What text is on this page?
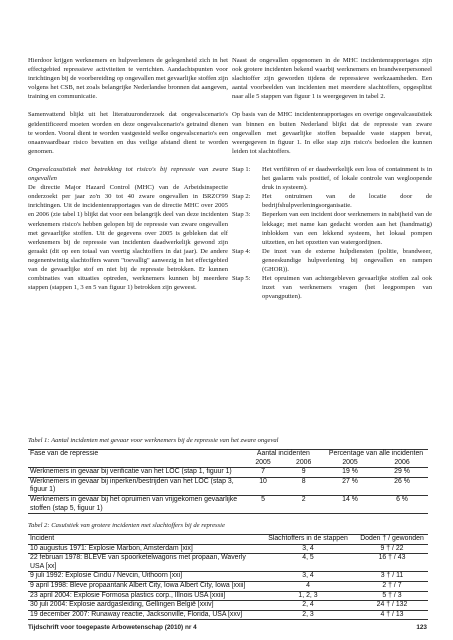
Hierdoor krijgen werknemers en hulpverleners de gelegenheid zich in het effectgebied repressieve activiteiten te verrichten. Aandachtspunten voor inrichtingen bij de voorbereiding op ongevallen met gevaarlijke stoffen zijn volgens het CSB, net zoals belangrijke Nederlandse bronnen dat aangeven, training en communicatie.

Samenvattend blijkt uit het literatuuronderzoek dat ongevalscenario's geïdentificeerd moeten worden en deze ongevalscenario's getraind dienen te worden. Vooral dient te worden vastgesteld welke ongevalscenario's een onaanvaardbaar risico bevatten en dus veilige afstand dient te worden genomen.

Ongevalcasuïstiek met betrekking tot risico's bij repressie van zware ongevallen

De directie Major Hazard Control (MHC) van de Arbeidsinspectie onderzoekt per jaar zo'n 30 tot 40 zware ongevallen in BRZO'99 inrichtingen. Uit de incidentenrapportages van de directie MHC over 2005 en 2006 (zie tabel 1) blijkt dat voor een belangrijk deel van deze incidenten werknemers risico's hebben gelopen bij de repressie van zware ongevallen met gevaarlijke stoffen. Uit de gegevens over 2005 is gebleken dat elf werknemers bij de repressie van incidenten daadwerkelijk gewond zijn geraakt (dit op een totaal van veertig slachtoffers in dat jaar). De andere negenentwintig slachtoffers waren "toevallig" aanwezig in het effectgebied van de gevaarlijke stof en niet bij de repressie betrokken. Er kunnen combinaties van situaties optreden, werknemers kunnen bij meerdere stappen (stappen 1, 3 en 5 van figuur 1) betrokken zijn geweest.

Naast de ongevallen opgenomen in de MHC incidentenrapportages zijn ook grotere incidenten bekend waarbij werknemers en brandweerpersoneel slachtoffer zijn geworden tijdens de repressieve werkzaamheden. Een aantal voorbeelden van incidenten met meerdere slachtoffers, opgesplitst naar alle 5 stappen van figuur 1 is weergegeven in tabel 2.

Op basis van de MHC incidentenrapportages en overige ongevalcasuïstiek van binnen en buiten Nederland blijkt dat de repressie van zware ongevallen met gevaarlijke stoffen bepaalde vaste stappen bevat, weergegeven in figuur 1. In elke stap zijn risico's bedoelen die kunnen leiden tot slachtoffers.

Stap 1:	Het verifiëren of er daadwerkelijk een loss of containment is in het gaslarm vals positief, of lokale controle van wegloopende druk in systeem).
Stap 2:	Het ontruimen van de locatie door de bedrijfshulpverleningsorganisatie.
Stap 3:	Beperken van een incident door werknemers in nabijheid van de lekkage; met name kan gedacht worden aan het (handmatig) inblokken van een lekkend systeem, het lokaal pompen uitzetten, en het opzetten van watergordijnen.
Stap 4:	De inzet van de externe hulpdiensten (politie, brandweer, geneeskundige hulpverlening bij ongevallen en rampen (GHOR)).
Stap 5:	Het opruimen van achtergebleven gevaarlijke stoffen zal ook inzet van werknemers vragen (het leegpompen van opvangputten).
Tabel 1: Aantal incidenten met gevaar voor werknemers bij de repressie van het zware ongeval
Fase van de repressie	Aantal incidenten		Percentage van alle incidenten	

	2005	2006	2005	2006
Werknemers in gevaar bij verificatie van het LOC (stap 1, figuur 1)	7	9	19 %	29 %
Werknemers in gevaar bij inperken/bestrijden van het LOC (stap 3, figuur 1)	10	8	27 %	26 %
Werknemers in gevaar bij het opruimen van vrijgekomen gevaarlijke stoffen (stap 5, figuur 1)	5	2	14 %	6 %
Tabel 2: Casuïstiek van grotere incidenten met slachtoffers bij de repressie
Incident	Slachtoffers in de stappen	Doden † / gewonden
10 augustus 1971: Explosie Marbon, Amsterdam [xix]	3, 4	9 † / 22
22 februari 1978: BLEVE van spoorketelwagons met propaan, Waverly USA [xx]	4, 5	16 † / 43
9 juli 1992: Explosie Cindu / Nevcin, Uithoorn [xxi]	3, 4	3 † / 11
9 april 1998: Bleve propaantank Albert City, Iowa Albert City, Iowa [xxii]	4	2 † / 7
23 april 2004: Explosie Formosa plastics corp., Illnois USA [xxiii]	1, 2, 3	5 † / 3
30 juli 2004: Explosie aardgasleiding, Gellingen België [xxiv]	2, 4	24 † / 132
19 december 2007: Runaway reactie, Jacksonville, Florida, USA [xxv]	2, 3	4 † / 13
Tijdschrift voor toegepaste Arbowetenschap (2010) nr 4	123
